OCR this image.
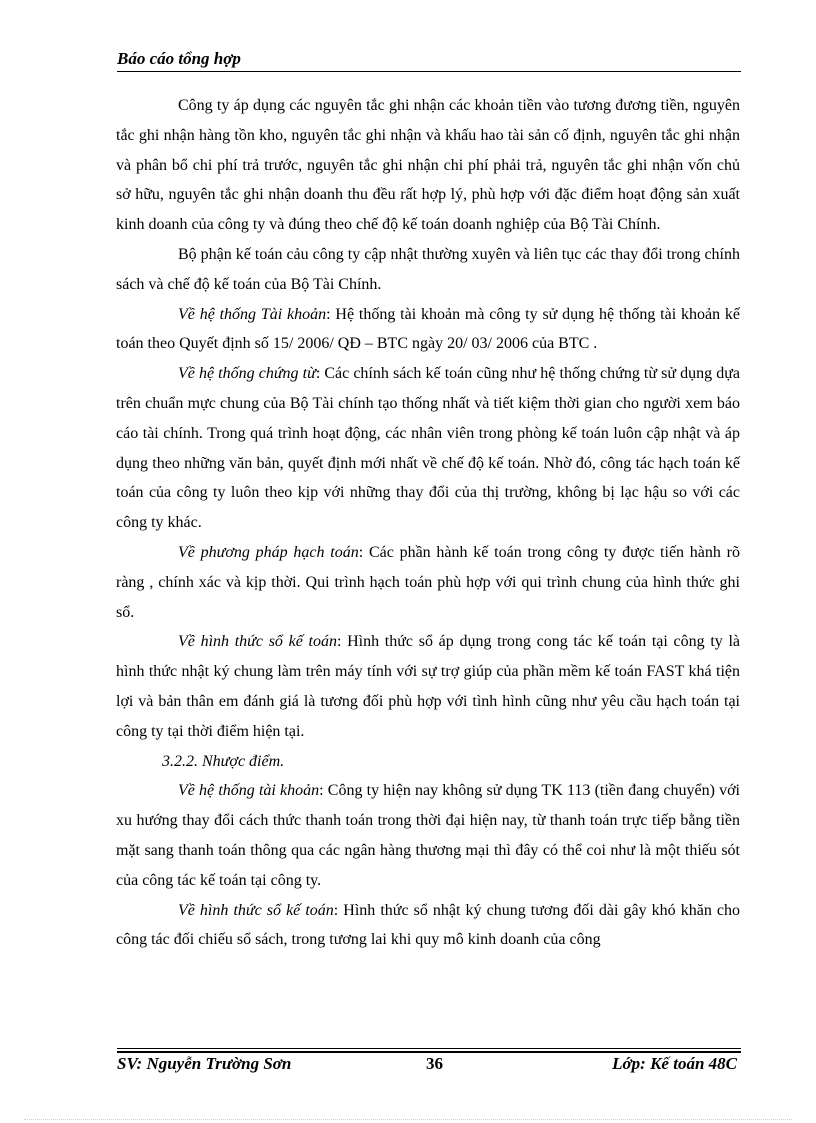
Báo cáo tổng hợp

Công ty áp dụng các nguyên tắc ghi nhận các khoản tiền vào tương đương tiền, nguyên tắc ghi nhận hàng tồn kho, nguyên tắc ghi nhận và khấu hao tài sản cố định, nguyên tắc ghi nhận và phân bổ chi phí trả trước, nguyên tắc ghi nhận chi phí phải trả, nguyên tắc ghi nhận vốn chủ sở hữu, nguyên tắc ghi nhận doanh thu đều rất hợp lý, phù hợp với đặc điểm hoạt động sản xuất kinh doanh của công ty và đúng theo chế độ kế toán doanh nghiệp của Bộ Tài Chính.

Bộ phận kế toán cảu công ty cập nhật thường xuyên và liên tục các thay đổi trong chính sách và chế độ kế toán của Bộ Tài Chính.

Về hệ thống Tài khoản: Hệ thống tài khoản mà công ty sử dụng hệ thống tài khoản kế toán theo Quyết định số 15/ 2006/ QĐ – BTC ngày 20/ 03/ 2006 của BTC .

Về hệ thống chứng từ: Các chính sách kế toán cũng như hệ thống chứng từ sử dụng dựa trên chuẩn mực chung của Bộ Tài chính tạo thống nhất và tiết kiệm thời gian cho người xem báo cáo tài chính. Trong quá trình hoạt động, các nhân viên trong phòng kế toán luôn cập nhật và áp dụng theo những văn bản, quyết định mới nhất về chế độ kế toán. Nhờ đó, công tác hạch toán kế toán của công ty luôn theo kịp với những thay đổi của thị trường, không bị lạc hậu so với các công ty khác.

Về phương pháp hạch toán: Các phần hành kế toán trong công ty được tiến hành rõ ràng , chính xác và kịp thời. Qui trình hạch toán phù hợp với qui trình chung của hình thức ghi sổ.

Về hình thức sổ kế toán: Hình thức sổ áp dụng trong cong tác kế toán tại công ty là hình thức nhật ký chung làm trên máy tính với sự trợ giúp của phần mềm kế toán FAST khá tiện lợi và bản thân em đánh giá là tương đối phù hợp với tình hình cũng như yêu cầu hạch toán tại công ty tại thời điểm hiện tại.

3.2.2. Nhược điểm.

Về hệ thống tài khoản: Công ty hiện nay không sử dụng TK 113 (tiền đang chuyển) với xu hướng thay đổi cách thức thanh toán trong thời đại hiện nay, từ thanh toán trực tiếp bằng tiền mặt sang thanh toán thông qua các ngân hàng thương mại thì đây có thể coi như là một thiếu sót của công tác kế toán tại công ty.

Về hình thức sổ kế toán: Hình thức sổ nhật ký chung tương đối dài gây khó khăn cho công tác đối chiếu sổ sách, trong tương lai khi quy mô kinh doanh của công

SV: Nguyễn Trường Sơn	36	Lớp: Kế toán 48C
